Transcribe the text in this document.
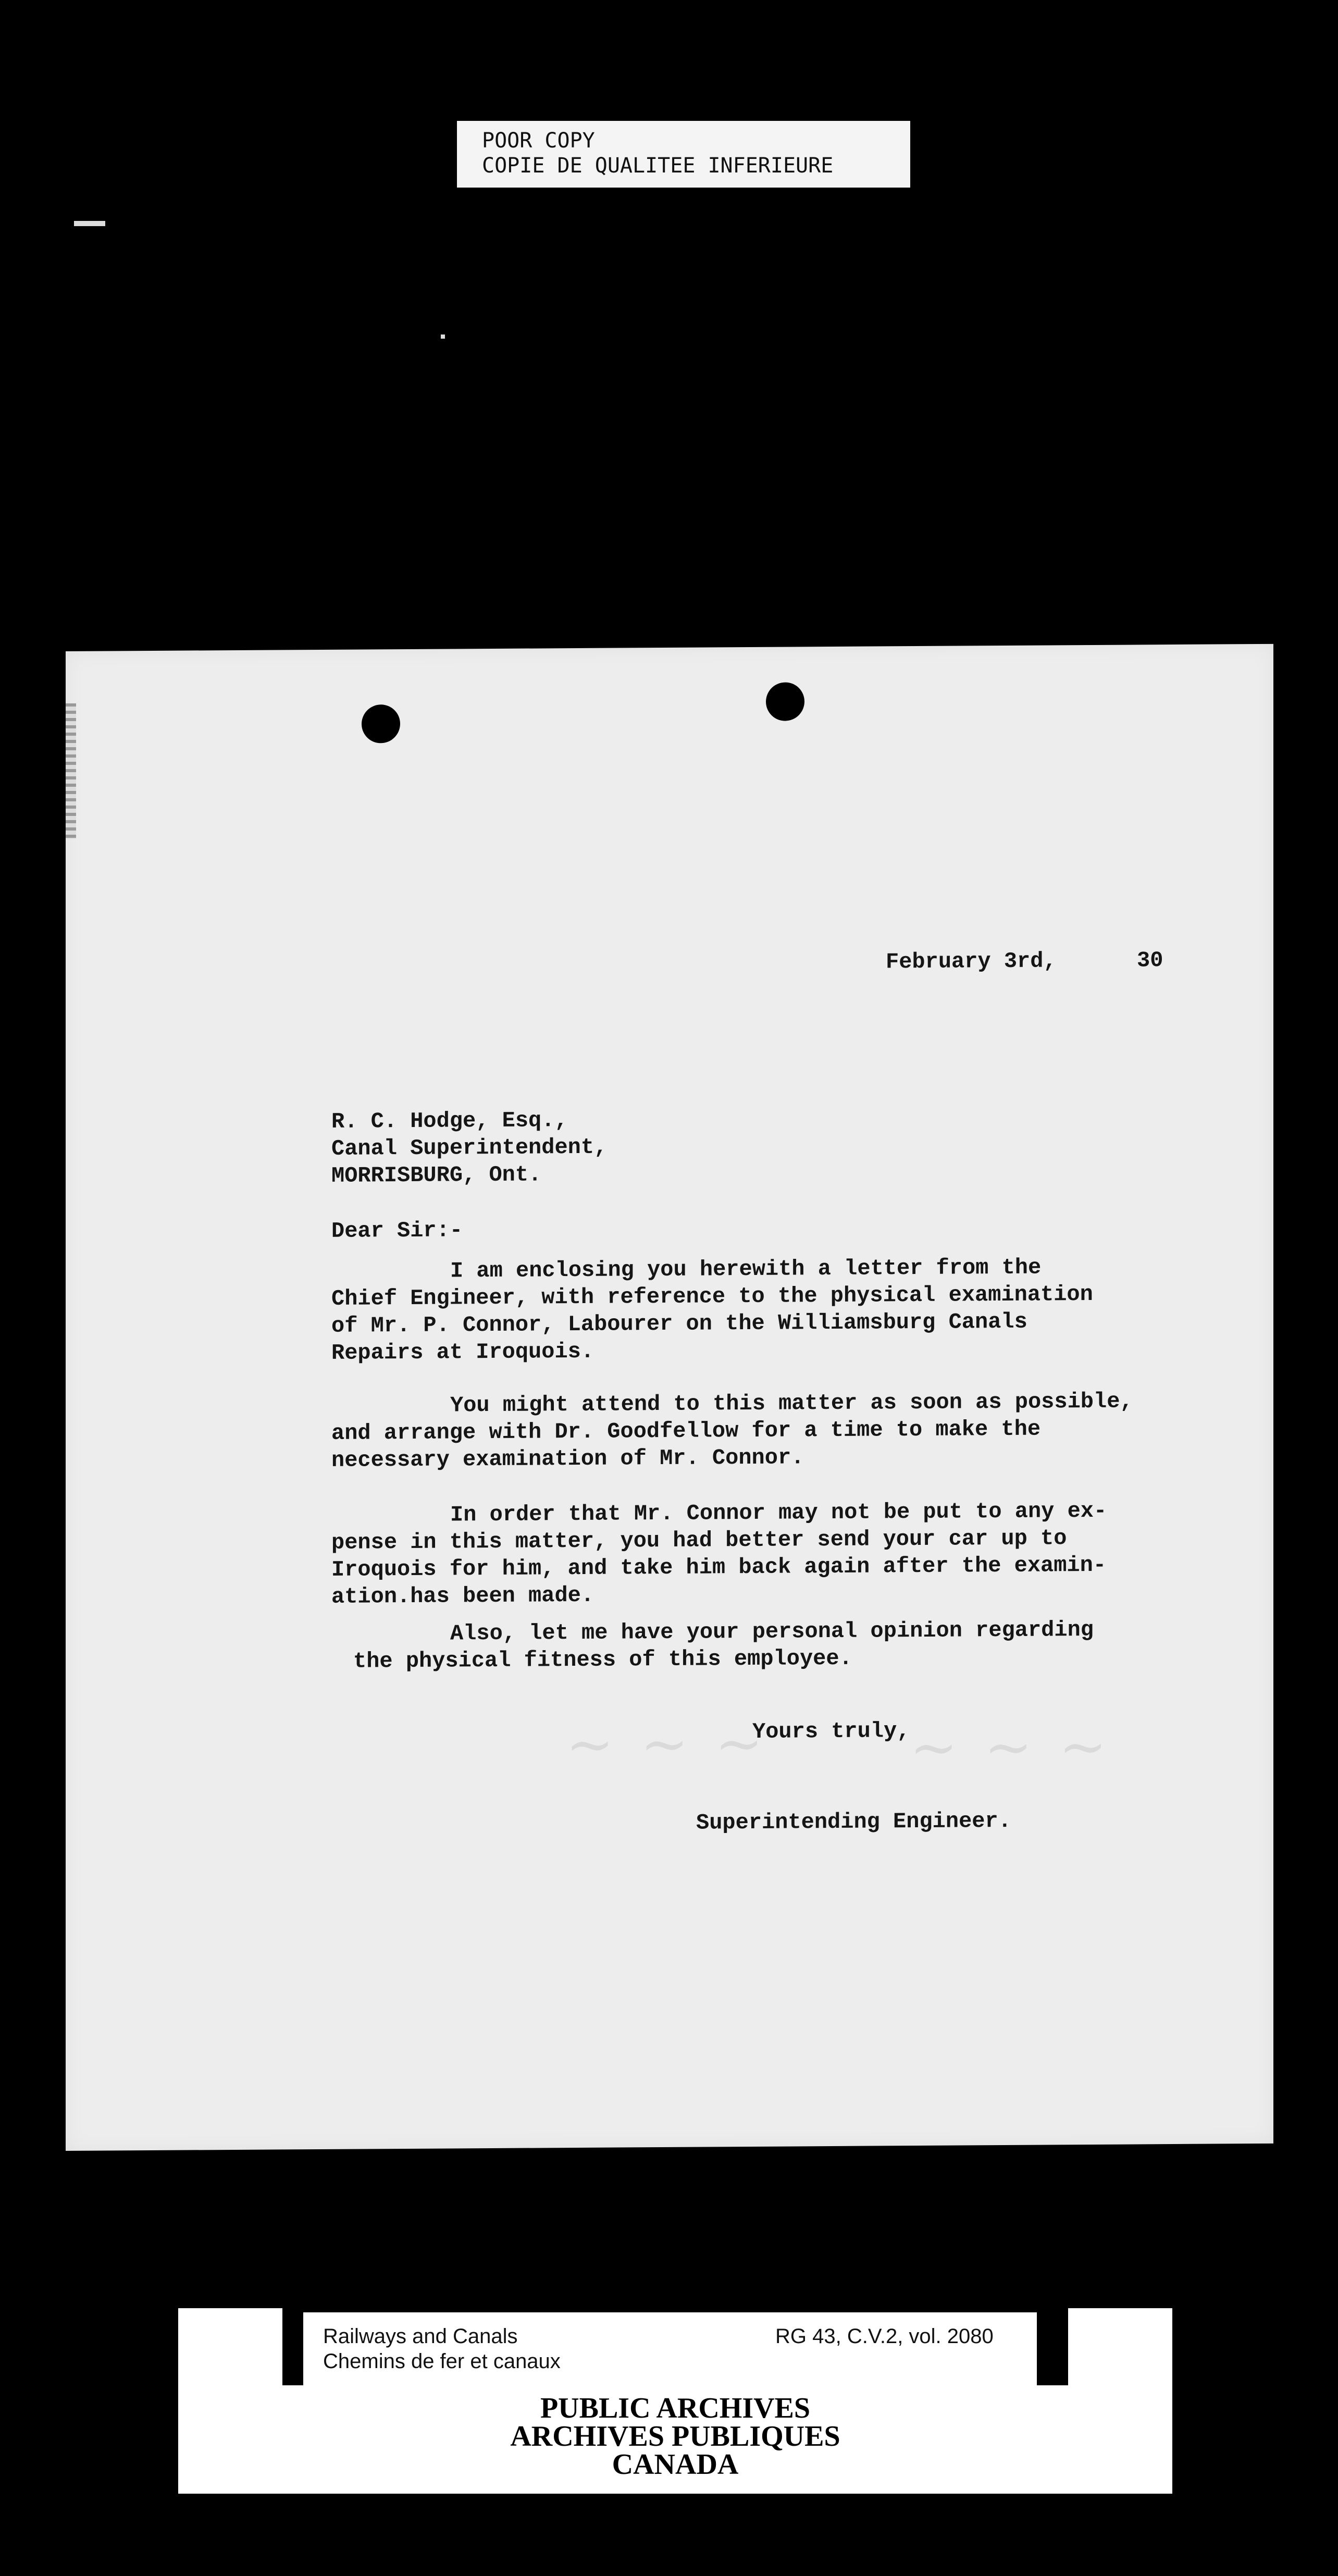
POOR COPY
COPIE DE QUALITEE INFERIEURE
~ ~ ~ ~ ~ ~
February 3rd,	30
R. C. Hodge, Esq.,
Canal Superintendent,
MORRISBURG, Ont.
Dear Sir:-
I am enclosing you herewith a letter from the
Chief Engineer, with reference to the physical examination
of Mr. P. Connor, Labourer on the Williamsburg Canals
Repairs at Iroquois.
You might attend to this matter as soon as possible,
and arrange with Dr. Goodfellow for a time to make the
necessary examination of Mr. Connor.
In order that Mr. Connor may not be put to any ex-
pense in this matter, you had better send your car up to
Iroquois for him, and take him back again after the examin-
ation.has been made.
Also, let me have your personal opinion regarding
the physical fitness of this employee.
Yours truly,
Superintending Engineer.
Railways and Canals
Chemins de fer et canaux
RG 43, C.V.2, vol. 2080
PUBLIC ARCHIVES
ARCHIVES PUBLIQUES
CANADA
